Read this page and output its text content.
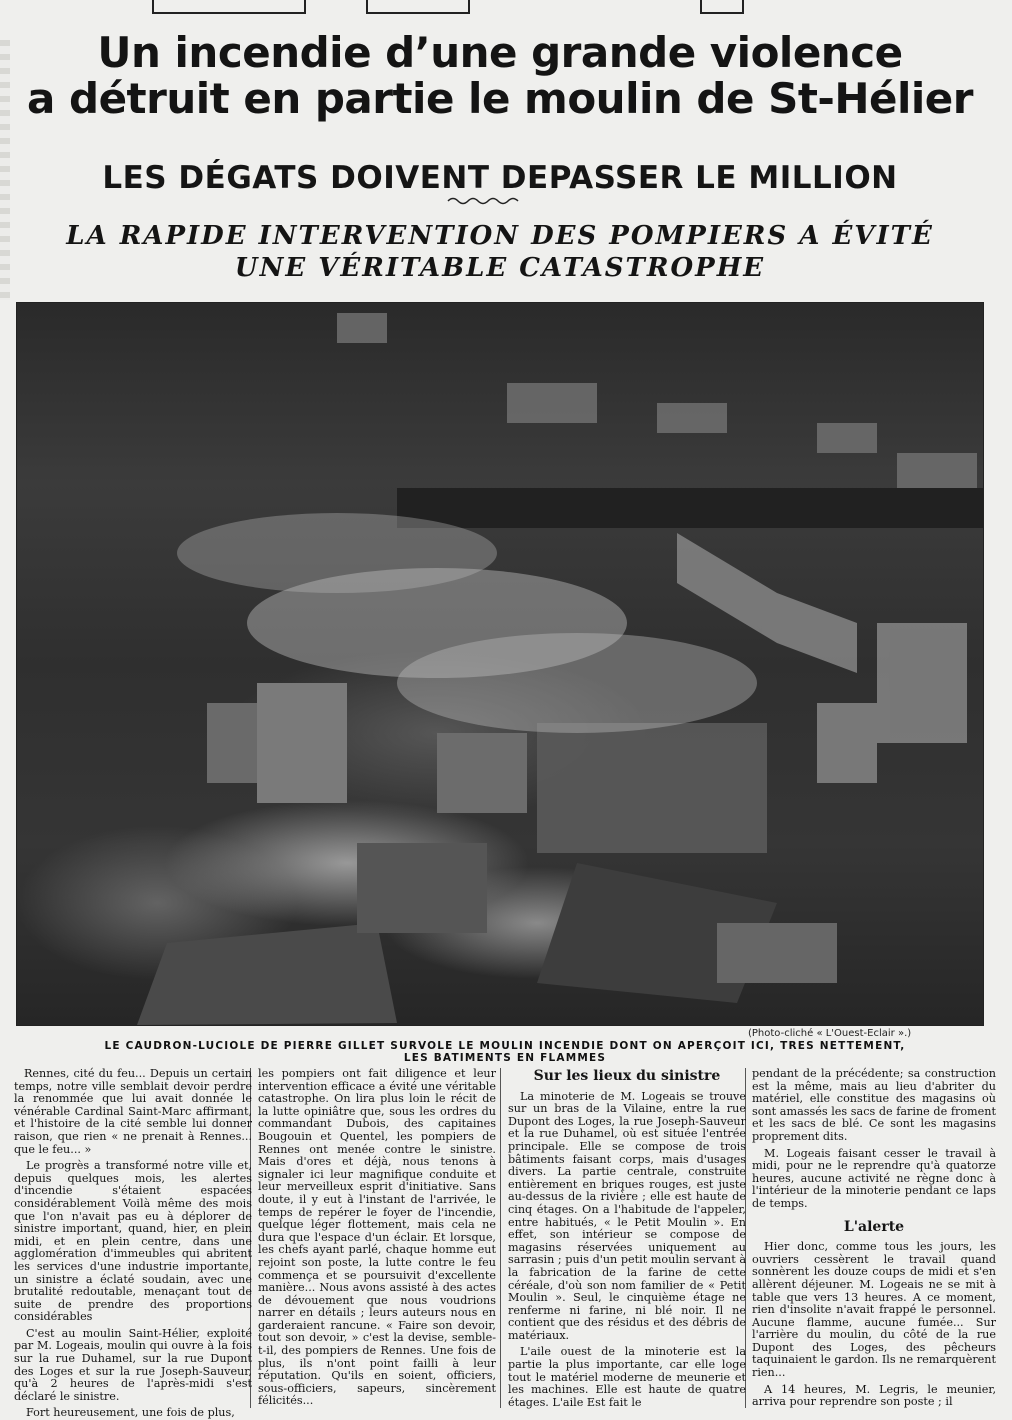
Un incendie d’une grande violence
a détruit en partie le moulin de St-Hélier
LES DÉGATS DOIVENT DEPASSER LE MILLION
LA RAPIDE INTERVENTION DES POMPIERS A ÉVITÉ
UNE VÉRITABLE CATASTROPHE
(Photo-cliché « L'Ouest-Eclair ».)
LE CAUDRON-LUCIOLE DE PIERRE GILLET SURVOLE LE MOULIN INCENDIE DONT ON APERÇOIT ICI, TRES NETTEMENT,
LES BATIMENTS EN FLAMMES

Rennes, cité du feu... Depuis un certain temps, notre ville semblait devoir perdre la renommée que lui avait donnée le vénérable Cardinal Saint-Marc affirmant, et l'histoire de la cité semble lui donner raison, que rien « ne prenait à Rennes... que le feu... »

Le progrès a transformé notre ville et, depuis quelques mois, les alertes d'incendie s'étaient espacées considérablement Voilà même des mois que l'on n'avait pas eu à déplorer de sinistre important, quand, hier, en plein midi, et en plein centre, dans une agglomération d'immeubles qui abritent les services d'une industrie importante, un sinistre a éclaté soudain, avec une brutalité redoutable, menaçant tout de suite de prendre des proportions considérables

C'est au moulin Saint-Hélier, exploité par M. Logeais, moulin qui ouvre à la fois sur la rue Duhamel, sur la rue Dupont des Loges et sur la rue Joseph-Sauveur, qu'à 2 heures de l'après-midi s'est déclaré le sinistre.

Fort heureusement, une fois de plus,

les pompiers ont fait diligence et leur intervention efficace a évité une véritable catastrophe. On lira plus loin le récit de la lutte opiniâtre que, sous les ordres du commandant Dubois, des capitaines Bougouin et Quentel, les pompiers de Rennes ont menée contre le sinistre. Mais d'ores et déjà, nous tenons à signaler ici leur magnifique conduite et leur merveilleux esprit d'initiative. Sans doute, il y eut à l'instant de l'arrivée, le temps de repérer le foyer de l'incendie, quelque léger flottement, mais cela ne dura que l'espace d'un éclair. Et lorsque, les chefs ayant parlé, chaque homme eut rejoint son poste, la lutte contre le feu commença et se poursuivit d'excellente manière... Nous avons assisté à des actes de dévouement que nous voudrions narrer en détails ; leurs auteurs nous en garderaient rancune. « Faire son devoir, tout son devoir, » c'est la devise, semble-t-il, des pompiers de Rennes. Une fois de plus, ils n'ont point failli à leur réputation. Qu'ils en soient, officiers, sous-officiers, sapeurs, sincèrement félicités...

Sur les lieux du sinistre

La minoterie de M. Logeais se trouve sur un bras de la Vilaine, entre la rue Dupont des Loges, la rue Joseph-Sauveur et la rue Duhamel, où est située l'entrée principale. Elle se compose de trois bâtiments faisant corps, mais d'usages divers. La partie centrale, construite entièrement en briques rouges, est juste au-dessus de la rivière ; elle est haute de cinq étages. On a l'habitude de l'appeler, entre habitués, « le Petit Moulin ». En effet, son intérieur se compose de magasins réservées uniquement au sarrasin ; puis d'un petit moulin servant à la fabrication de la farine de cette céréale, d'où son nom familier de « Petit Moulin ». Seul, le cinquième étage ne renferme ni farine, ni blé noir. Il ne contient que des résidus et des débris de matériaux.

L'aile ouest de la minoterie est la partie la plus importante, car elle loge tout le matériel moderne de meunerie et les machines. Elle est haute de quatre étages. L'aile Est fait le

pendant de la précédente; sa construction est la même, mais au lieu d'abriter du matériel, elle constitue des magasins où sont amassés les sacs de farine de froment et les sacs de blé. Ce sont les magasins proprement dits.

M. Logeais faisant cesser le travail à midi, pour ne le reprendre qu'à quatorze heures, aucune activité ne règne donc à l'intérieur de la minoterie pendant ce laps de temps.

L'alerte

Hier donc, comme tous les jours, les ouvriers cessèrent le travail quand sonnèrent les douze coups de midi et s'en allèrent déjeuner. M. Logeais ne se mit à table que vers 13 heures. A ce moment, rien d'insolite n'avait frappé le personnel. Aucune flamme, aucune fumée... Sur l'arrière du moulin, du côté de la rue Dupont des Loges, des pêcheurs taquinaient le gardon. Ils ne remarquèrent rien...

A 14 heures, M. Legris, le meunier, arriva pour reprendre son poste ; il
